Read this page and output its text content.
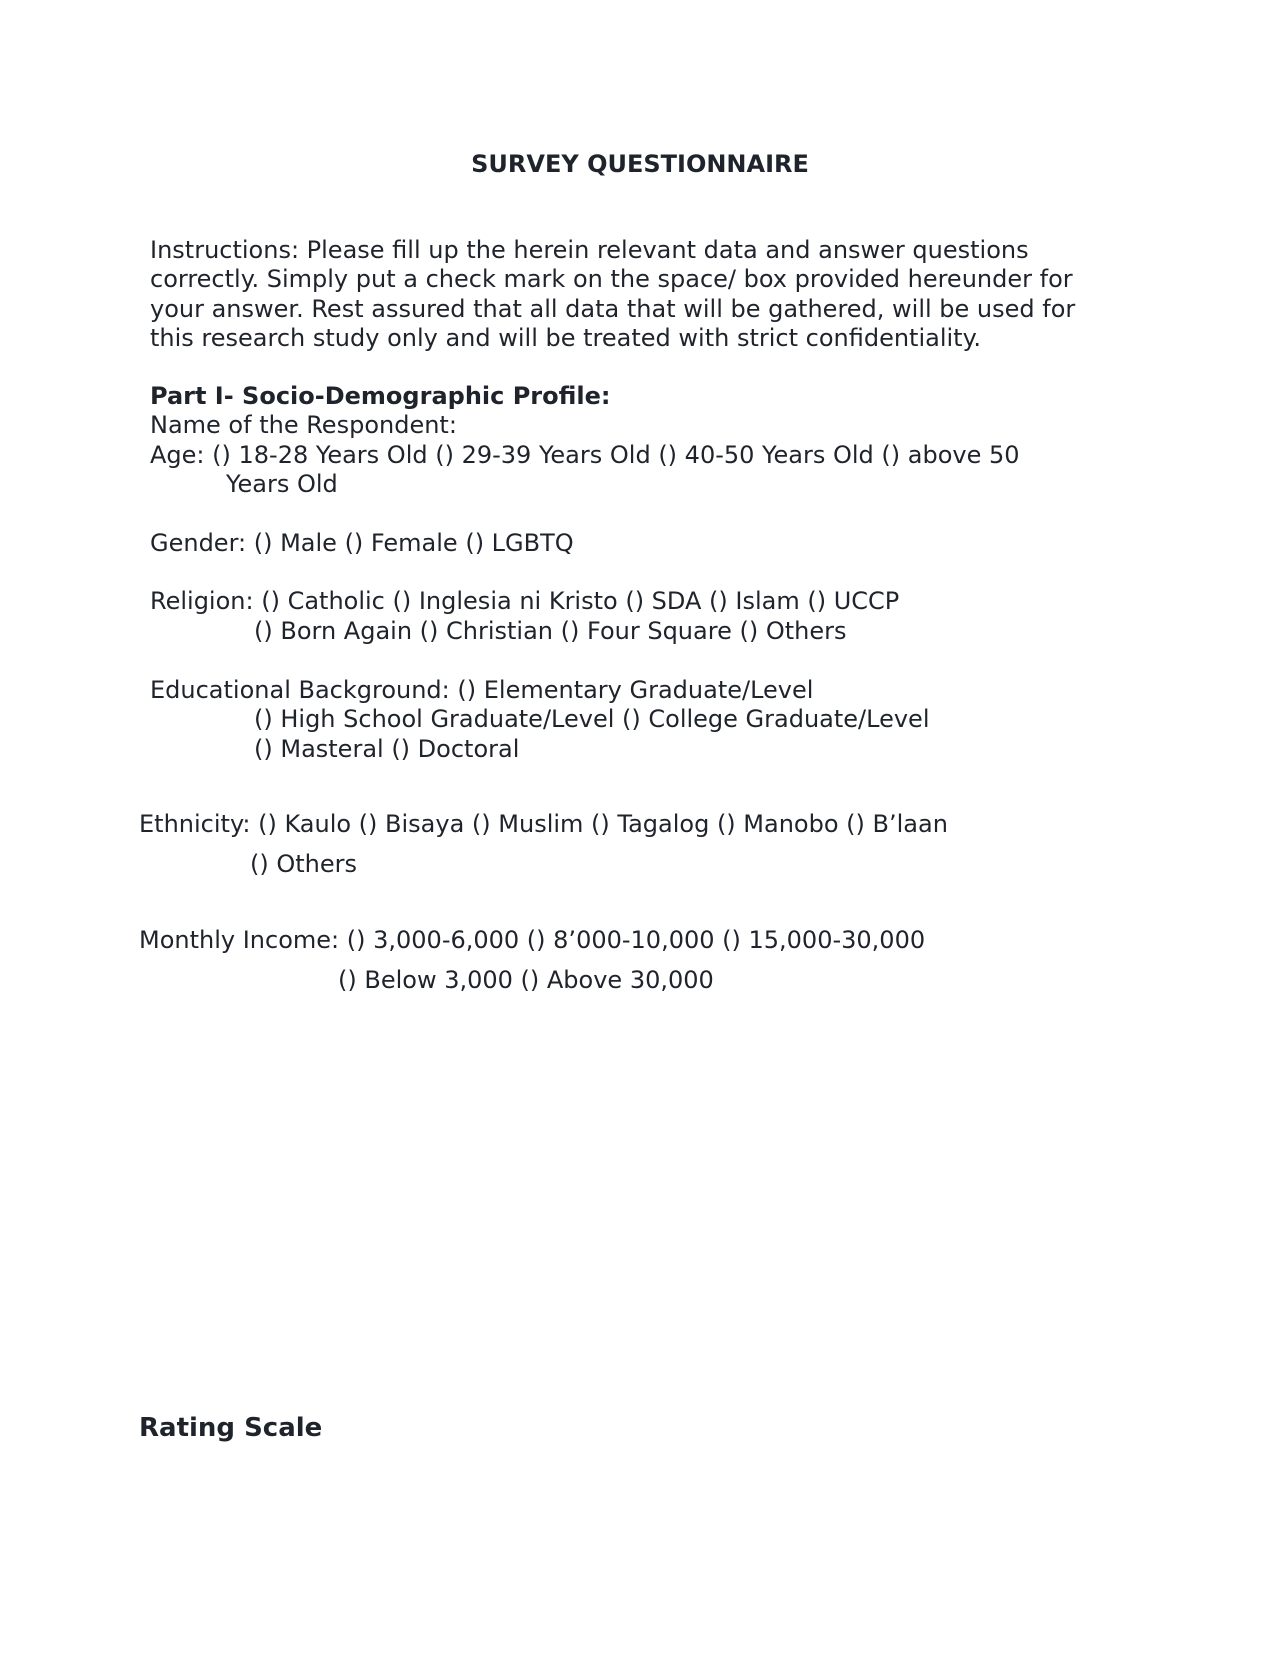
SURVEY QUESTIONNAIRE
Instructions: Please fill up the herein relevant data and answer questions
correctly. Simply put a check mark on the space/ box provided hereunder for
your answer. Rest assured that all data that will be gathered, will be used for
this research study only and will be treated with strict confidentiality.
Part I- Socio-Demographic Profile:
Name of the Respondent:
Age: () 18-28 Years Old () 29-39 Years Old () 40-50 Years Old () above 50
Years Old
Gender: () Male () Female () LGBTQ
Religion: () Catholic () Inglesia ni Kristo () SDA () Islam () UCCP
() Born Again () Christian () Four Square () Others
Educational Background: () Elementary Graduate/Level
() High School Graduate/Level () College Graduate/Level
() Masteral () Doctoral
Ethnicity: () Kaulo () Bisaya () Muslim () Tagalog () Manobo () B’laan
() Others
Monthly Income: () 3,000-6,000 () 8’000-10,000 () 15,000-30,000
() Below 3,000 () Above 30,000
Rating Scale
